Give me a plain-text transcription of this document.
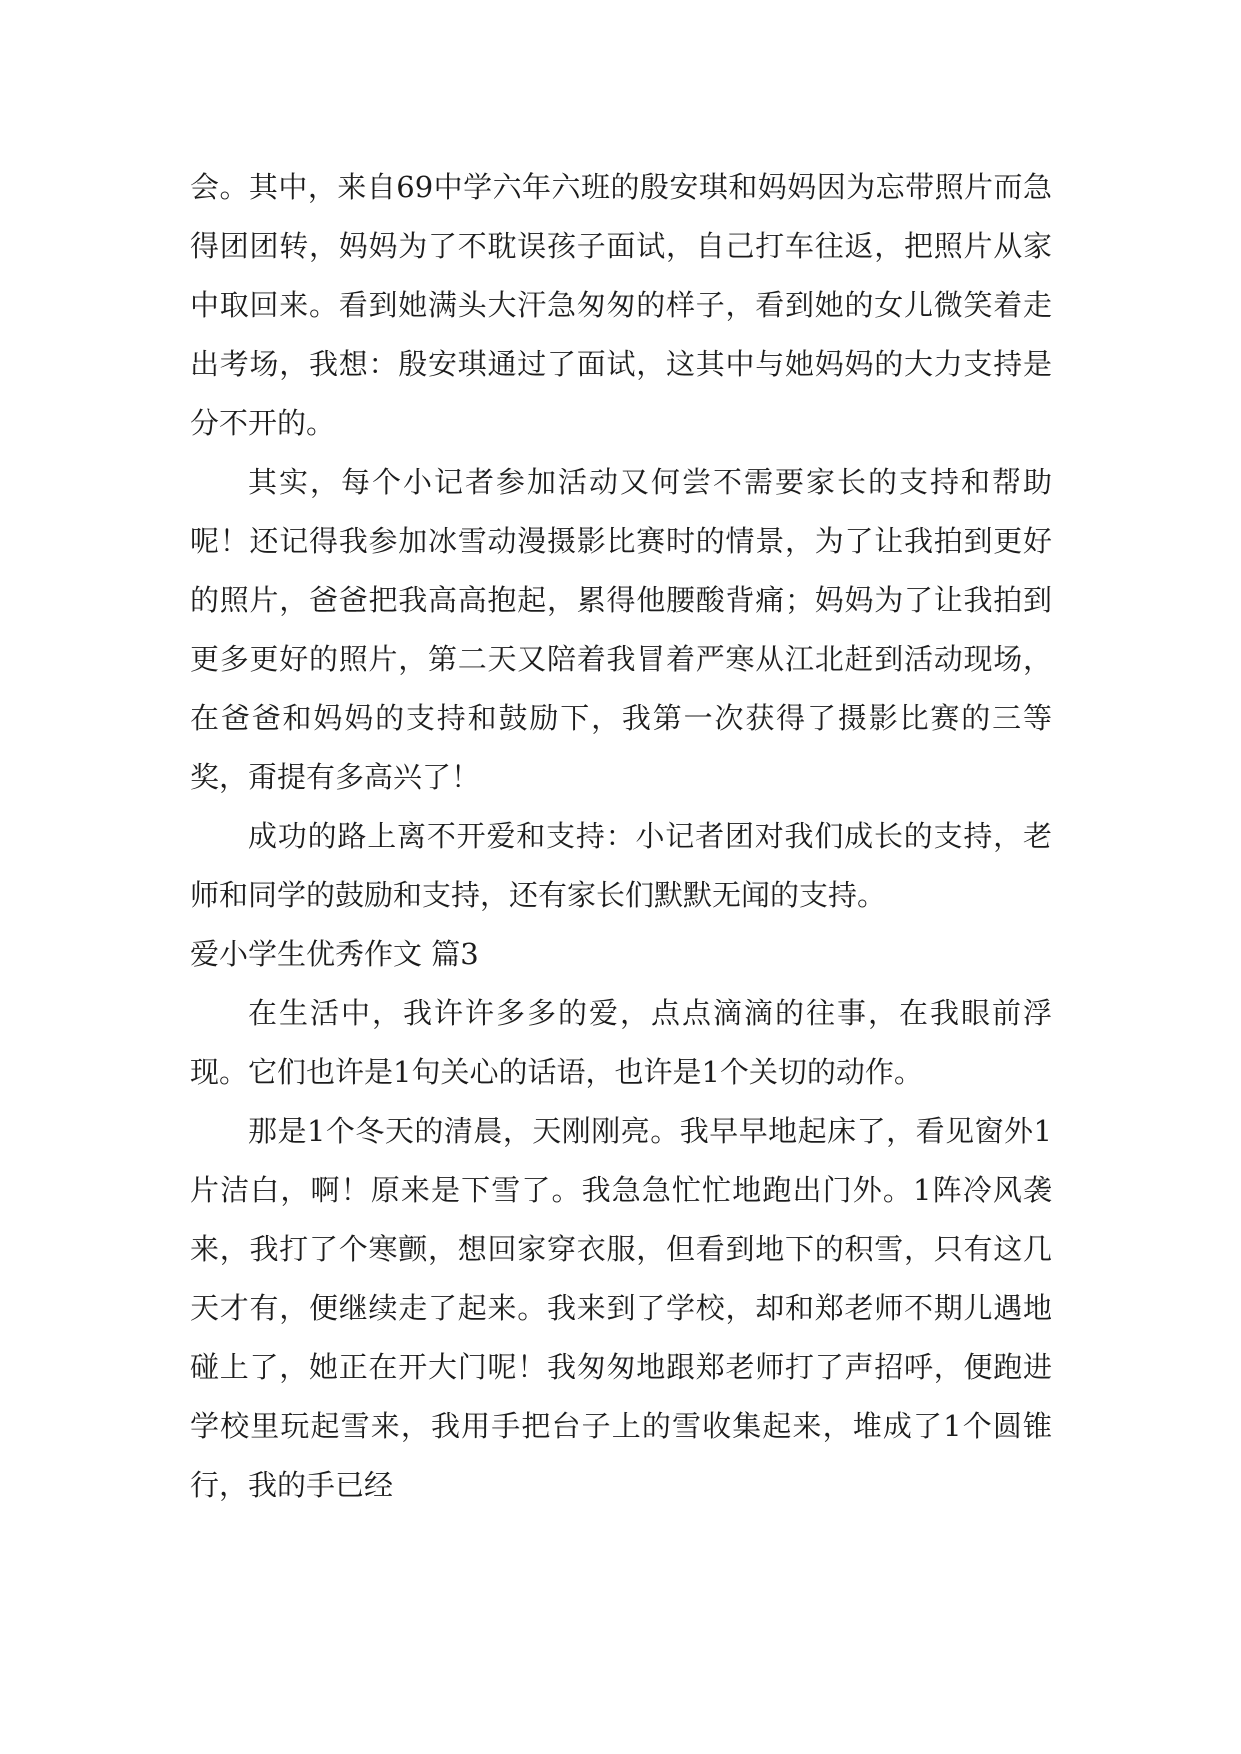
会。其中，来自69中学六年六班的殷安琪和妈妈因为忘带照片而急得团团转，妈妈为了不耽误孩子面试，自己打车往返，把照片从家中取回来。看到她满头大汗急匆匆的样子，看到她的女儿微笑着走出考场，我想：殷安琪通过了面试，这其中与她妈妈的大力支持是分不开的。

其实，每个小记者参加活动又何尝不需要家长的支持和帮助呢！还记得我参加冰雪动漫摄影比赛时的情景，为了让我拍到更好的照片，爸爸把我高高抱起，累得他腰酸背痛；妈妈为了让我拍到更多更好的照片，第二天又陪着我冒着严寒从江北赶到活动现场，在爸爸和妈妈的支持和鼓励下，我第一次获得了摄影比赛的三等奖，甭提有多高兴了！

成功的路上离不开爱和支持：小记者团对我们成长的支持，老师和同学的鼓励和支持，还有家长们默默无闻的支持。

爱小学生优秀作文 篇3

在生活中，我许许多多的爱，点点滴滴的往事，在我眼前浮现。它们也许是1句关心的话语，也许是1个关切的动作。

那是1个冬天的清晨，天刚刚亮。我早早地起床了，看见窗外1片洁白，啊！原来是下雪了。我急急忙忙地跑出门外。1阵冷风袭来，我打了个寒颤，想回家穿衣服，但看到地下的积雪，只有这几天才有，便继续走了起来。我来到了学校，却和郑老师不期儿遇地碰上了，她正在开大门呢！我匆匆地跟郑老师打了声招呼，便跑进学校里玩起雪来，我用手把台子上的雪收集起来，堆成了1个圆锥行，我的手已经
